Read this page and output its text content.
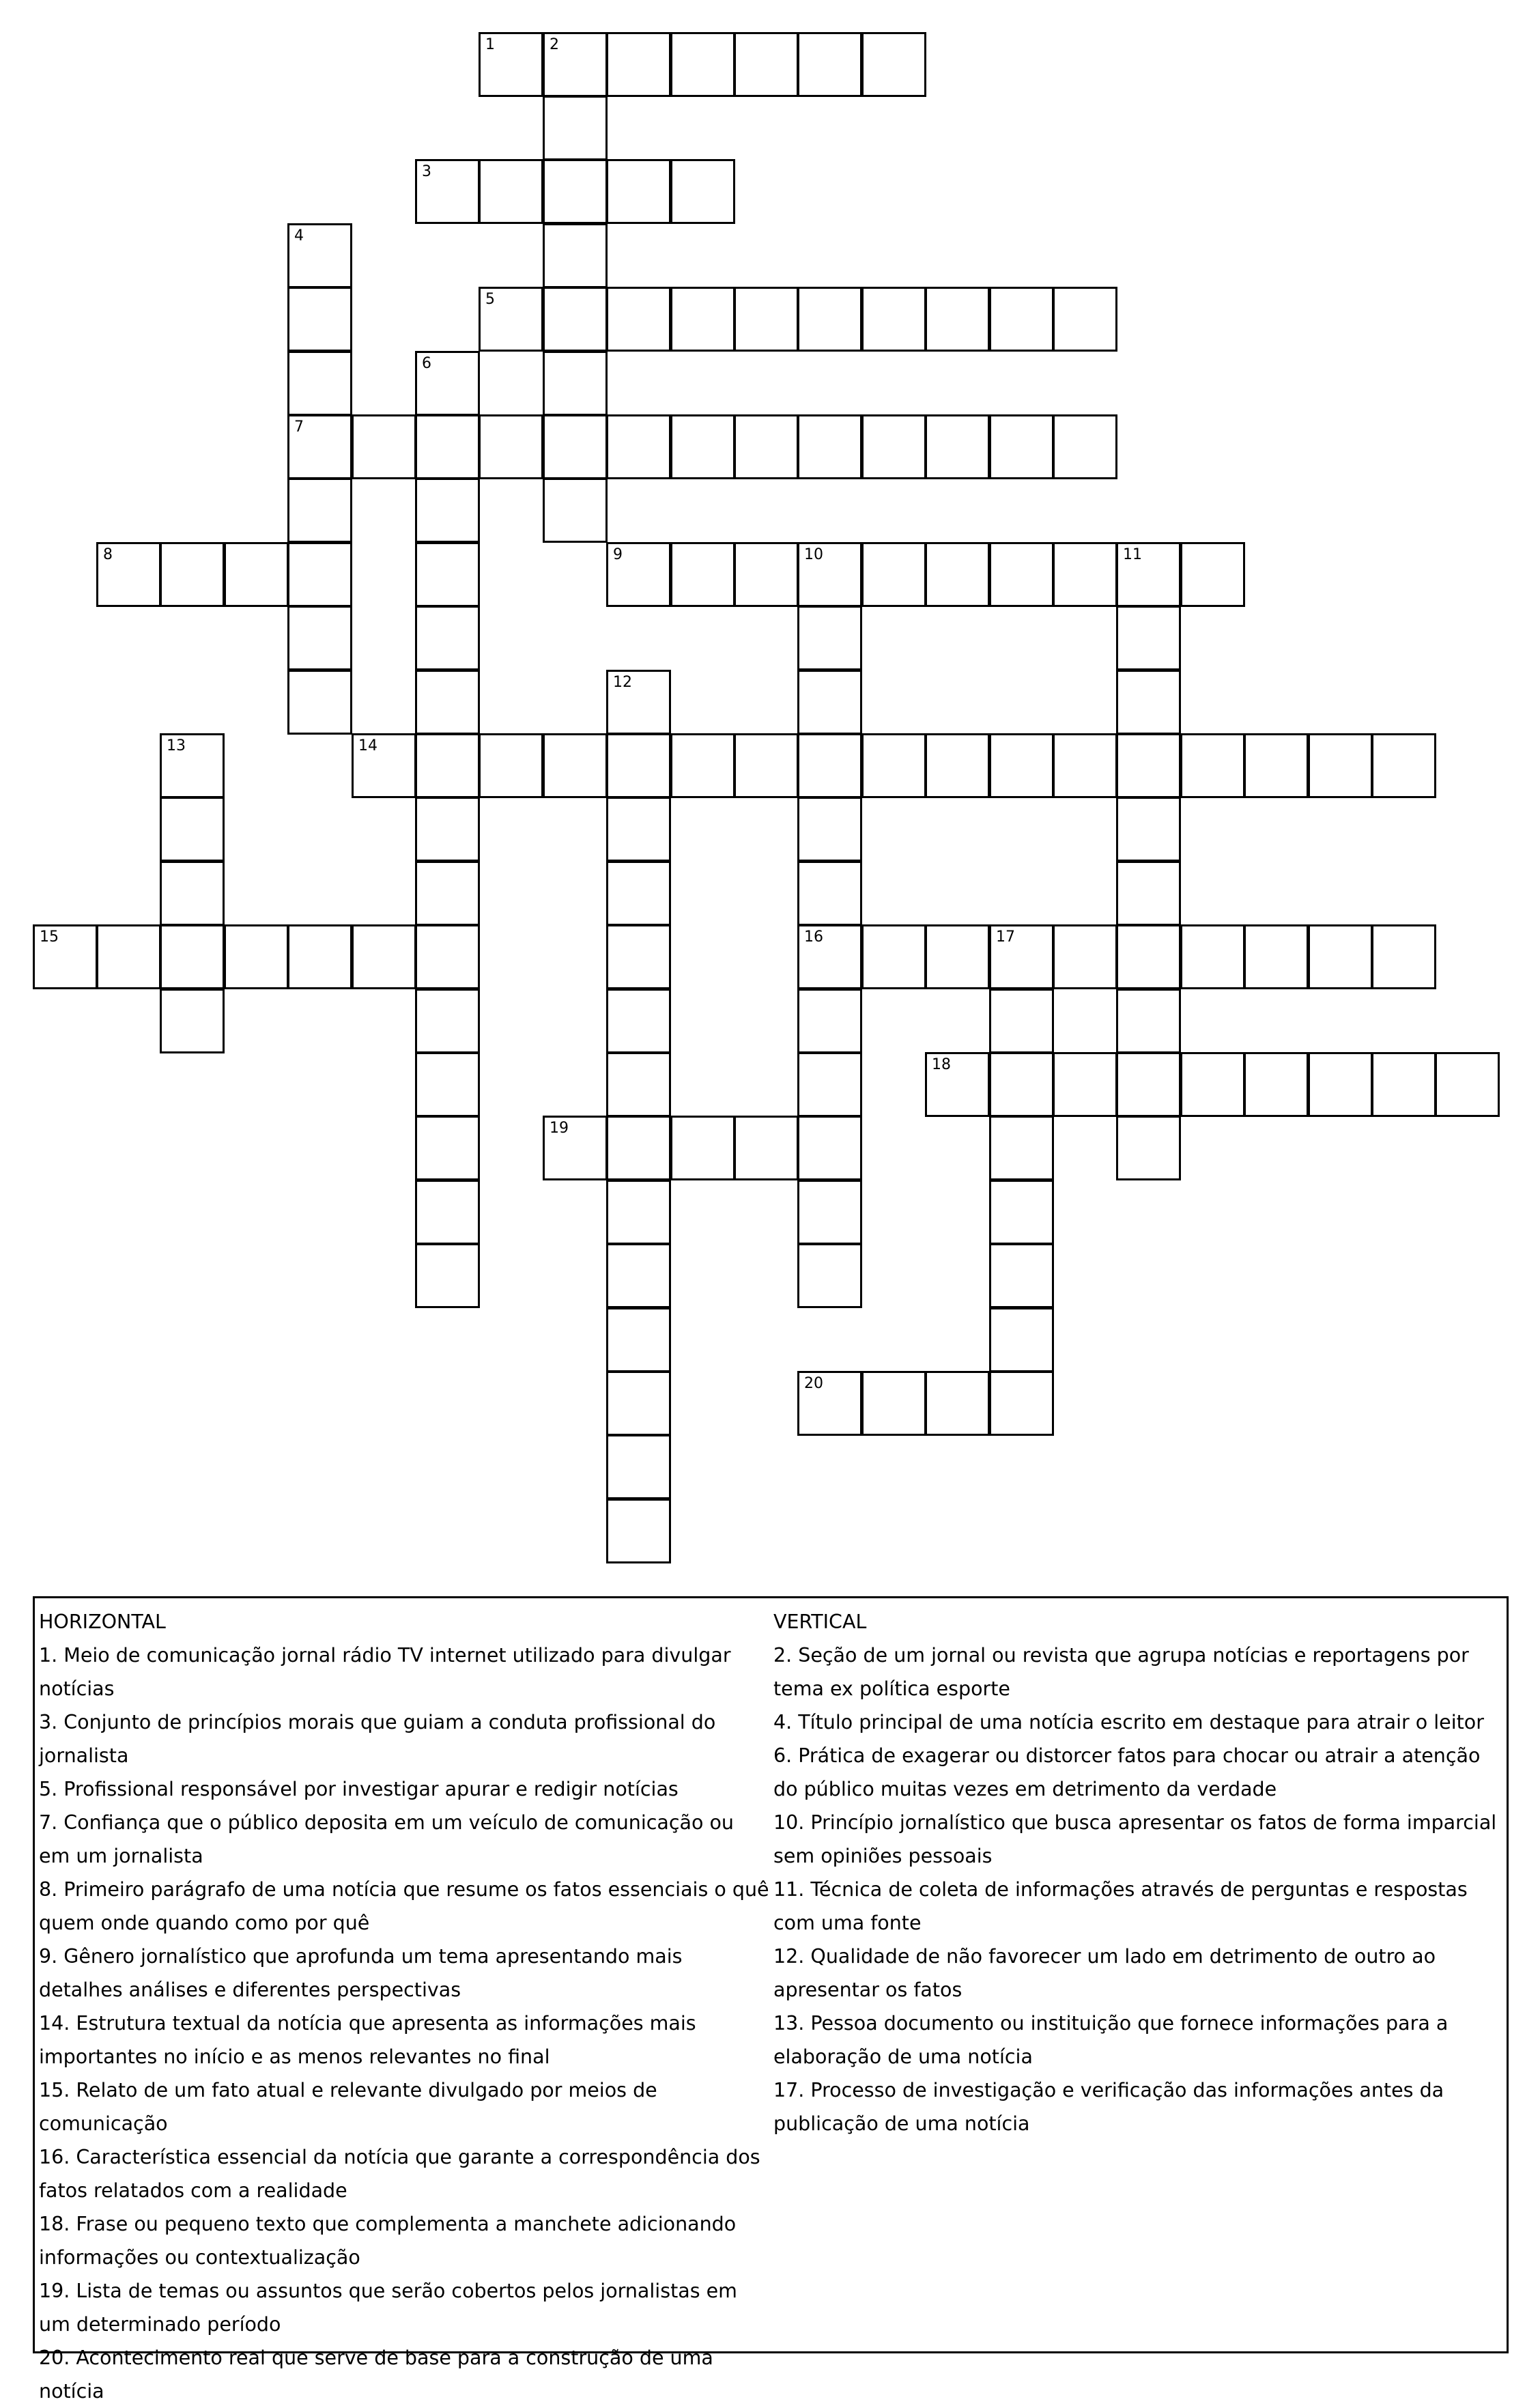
1	2
3
4
7
5
6
8	9	10	11
16
12
13	14
15	17
18
19
20
HORIZONTAL
1. Meio de comunicação jornal rádio TV internet utilizado para divulgar notícias
3. Conjunto de princípios morais que guiam a conduta profissional do jornalista
5. Profissional responsável por investigar apurar e redigir notícias
7. Confiança que o público deposita em um veículo de comunicação ou em um jornalista
8. Primeiro parágrafo de uma notícia que resume os fatos essenciais o quê quem onde quando como por quê
9. Gênero jornalístico que aprofunda um tema apresentando mais detalhes análises e diferentes perspectivas
14. Estrutura textual da notícia que apresenta as informações mais importantes no início e as menos relevantes no final
15. Relato de um fato atual e relevante divulgado por meios de comunicação
16. Característica essencial da notícia que garante a correspondência dos fatos relatados com a realidade
18. Frase ou pequeno texto que complementa a manchete adicionando informações ou contextualização
19. Lista de temas ou assuntos que serão cobertos pelos jornalistas em um determinado período
20. Acontecimento real que serve de base para a construção de uma notícia
VERTICAL
2. Seção de um jornal ou revista que agrupa notícias e reportagens por tema ex política esporte
4. Título principal de uma notícia escrito em destaque para atrair o leitor
6. Prática de exagerar ou distorcer fatos para chocar ou atrair a atenção do público muitas vezes em detrimento da verdade
10. Princípio jornalístico que busca apresentar os fatos de forma imparcial sem opiniões pessoais
11. Técnica de coleta de informações através de perguntas e respostas com uma fonte
12. Qualidade de não favorecer um lado em detrimento de outro ao apresentar os fatos
13. Pessoa documento ou instituição que fornece informações para a elaboração de uma notícia
17. Processo de investigação e verificação das informações antes da publicação de uma notícia
